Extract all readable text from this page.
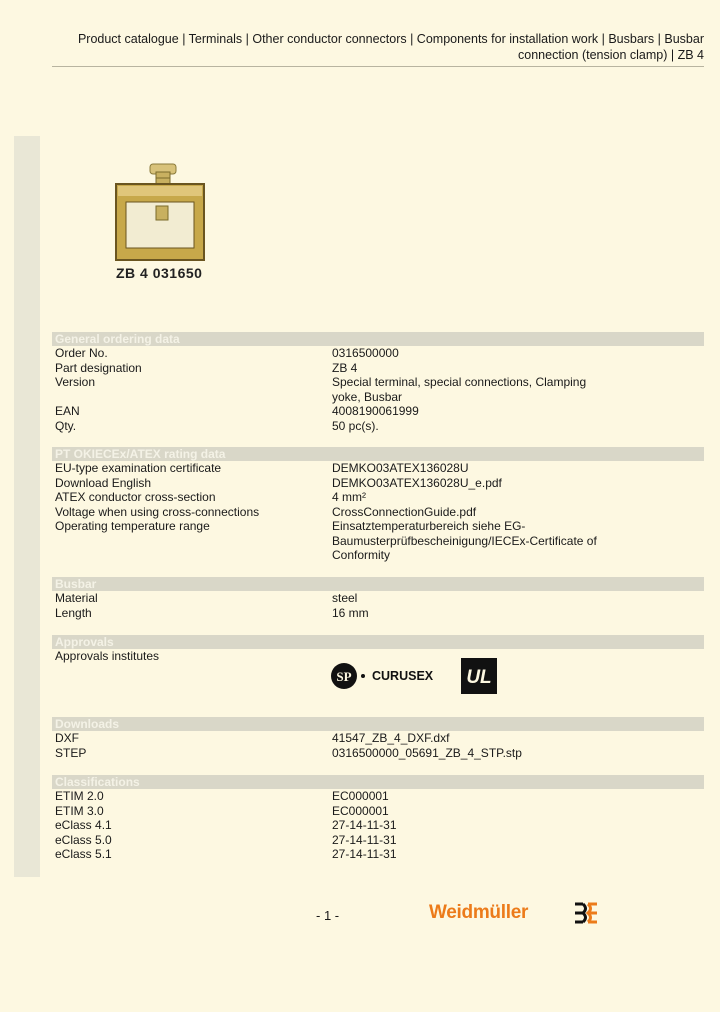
Product catalogue | Terminals | Other conductor connectors | Components for installation work | Busbars | Busbar
connection (tension clamp) | ZB 4
ZB 4 031650
General ordering data
Order No.	0316500000
Part designation	ZB 4
Version	Special terminal, special connections, Clamping yoke, Busbar
EAN	4008190061999
Qty.	50 pc(s).
PT OKIECEx/ATEX rating data
EU-type examination certificate	DEMKO03ATEX136028U
Download English	DEMKO03ATEX136028U_e.pdf
ATEX conductor cross-section	4 mm²
Voltage when using cross-connections	CrossConnectionGuide.pdf
Operating temperature range	Einsatztemperaturbereich siehe EG-Baumusterprüfbescheinigung/IECEx-Certificate of Conformity
Busbar
Material	steel
Length	16 mm
Approvals
Approvals institutes
SP CURUSEX UL
Downloads
DXF	41547_ZB_4_DXF.dxf
STEP	0316500000_05691_ZB_4_STP.stp
Classifications
ETIM 2.0	EC000001
ETIM 3.0	EC000001
eClass 4.1	27-14-11-31
eClass 5.0	27-14-11-31
eClass 5.1	27-14-11-31
- 1 -	Weidmüller
